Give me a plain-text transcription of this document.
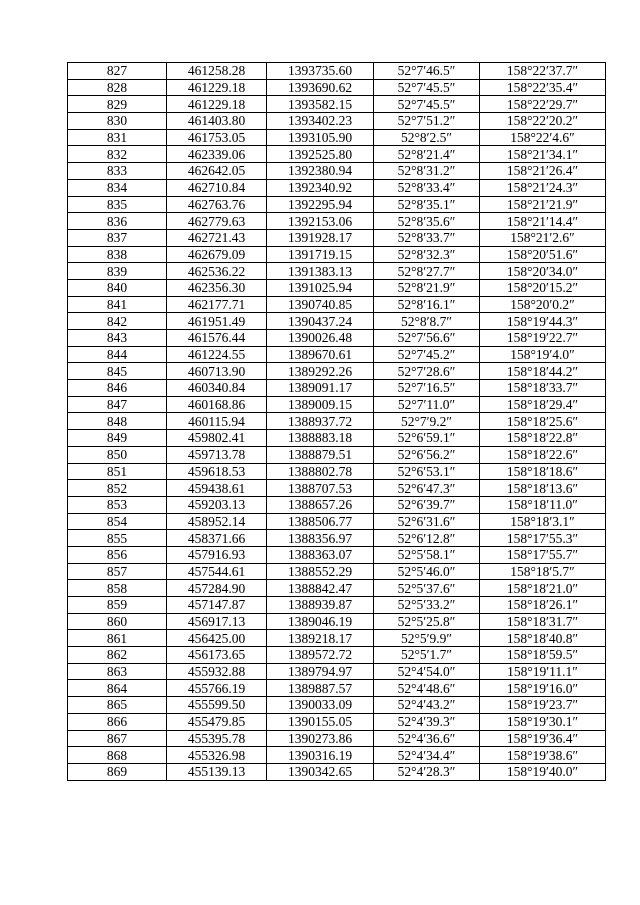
827	461258.28	1393735.60	52°7′46.5″	158°22′37.7″
828	461229.18	1393690.62	52°7′45.5″	158°22′35.4″
829	461229.18	1393582.15	52°7′45.5″	158°22′29.7″
830	461403.80	1393402.23	52°7′51.2″	158°22′20.2″
831	461753.05	1393105.90	52°8′2.5″	158°22′4.6″
832	462339.06	1392525.80	52°8′21.4″	158°21′34.1″
833	462642.05	1392380.94	52°8′31.2″	158°21′26.4″
834	462710.84	1392340.92	52°8′33.4″	158°21′24.3″
835	462763.76	1392295.94	52°8′35.1″	158°21′21.9″
836	462779.63	1392153.06	52°8′35.6″	158°21′14.4″
837	462721.43	1391928.17	52°8′33.7″	158°21′2.6″
838	462679.09	1391719.15	52°8′32.3″	158°20′51.6″
839	462536.22	1391383.13	52°8′27.7″	158°20′34.0″
840	462356.30	1391025.94	52°8′21.9″	158°20′15.2″
841	462177.71	1390740.85	52°8′16.1″	158°20′0.2″
842	461951.49	1390437.24	52°8′8.7″	158°19′44.3″
843	461576.44	1390026.48	52°7′56.6″	158°19′22.7″
844	461224.55	1389670.61	52°7′45.2″	158°19′4.0″
845	460713.90	1389292.26	52°7′28.6″	158°18′44.2″
846	460340.84	1389091.17	52°7′16.5″	158°18′33.7″
847	460168.86	1389009.15	52°7′11.0″	158°18′29.4″
848	460115.94	1388937.72	52°7′9.2″	158°18′25.6″
849	459802.41	1388883.18	52°6′59.1″	158°18′22.8″
850	459713.78	1388879.51	52°6′56.2″	158°18′22.6″
851	459618.53	1388802.78	52°6′53.1″	158°18′18.6″
852	459438.61	1388707.53	52°6′47.3″	158°18′13.6″
853	459203.13	1388657.26	52°6′39.7″	158°18′11.0″
854	458952.14	1388506.77	52°6′31.6″	158°18′3.1″
855	458371.66	1388356.97	52°6′12.8″	158°17′55.3″
856	457916.93	1388363.07	52°5′58.1″	158°17′55.7″
857	457544.61	1388552.29	52°5′46.0″	158°18′5.7″
858	457284.90	1388842.47	52°5′37.6″	158°18′21.0″
859	457147.87	1388939.87	52°5′33.2″	158°18′26.1″
860	456917.13	1389046.19	52°5′25.8″	158°18′31.7″
861	456425.00	1389218.17	52°5′9.9″	158°18′40.8″
862	456173.65	1389572.72	52°5′1.7″	158°18′59.5″
863	455932.88	1389794.97	52°4′54.0″	158°19′11.1″
864	455766.19	1389887.57	52°4′48.6″	158°19′16.0″
865	455599.50	1390033.09	52°4′43.2″	158°19′23.7″
866	455479.85	1390155.05	52°4′39.3″	158°19′30.1″
867	455395.78	1390273.86	52°4′36.6″	158°19′36.4″
868	455326.98	1390316.19	52°4′34.4″	158°19′38.6″
869	455139.13	1390342.65	52°4′28.3″	158°19′40.0″
